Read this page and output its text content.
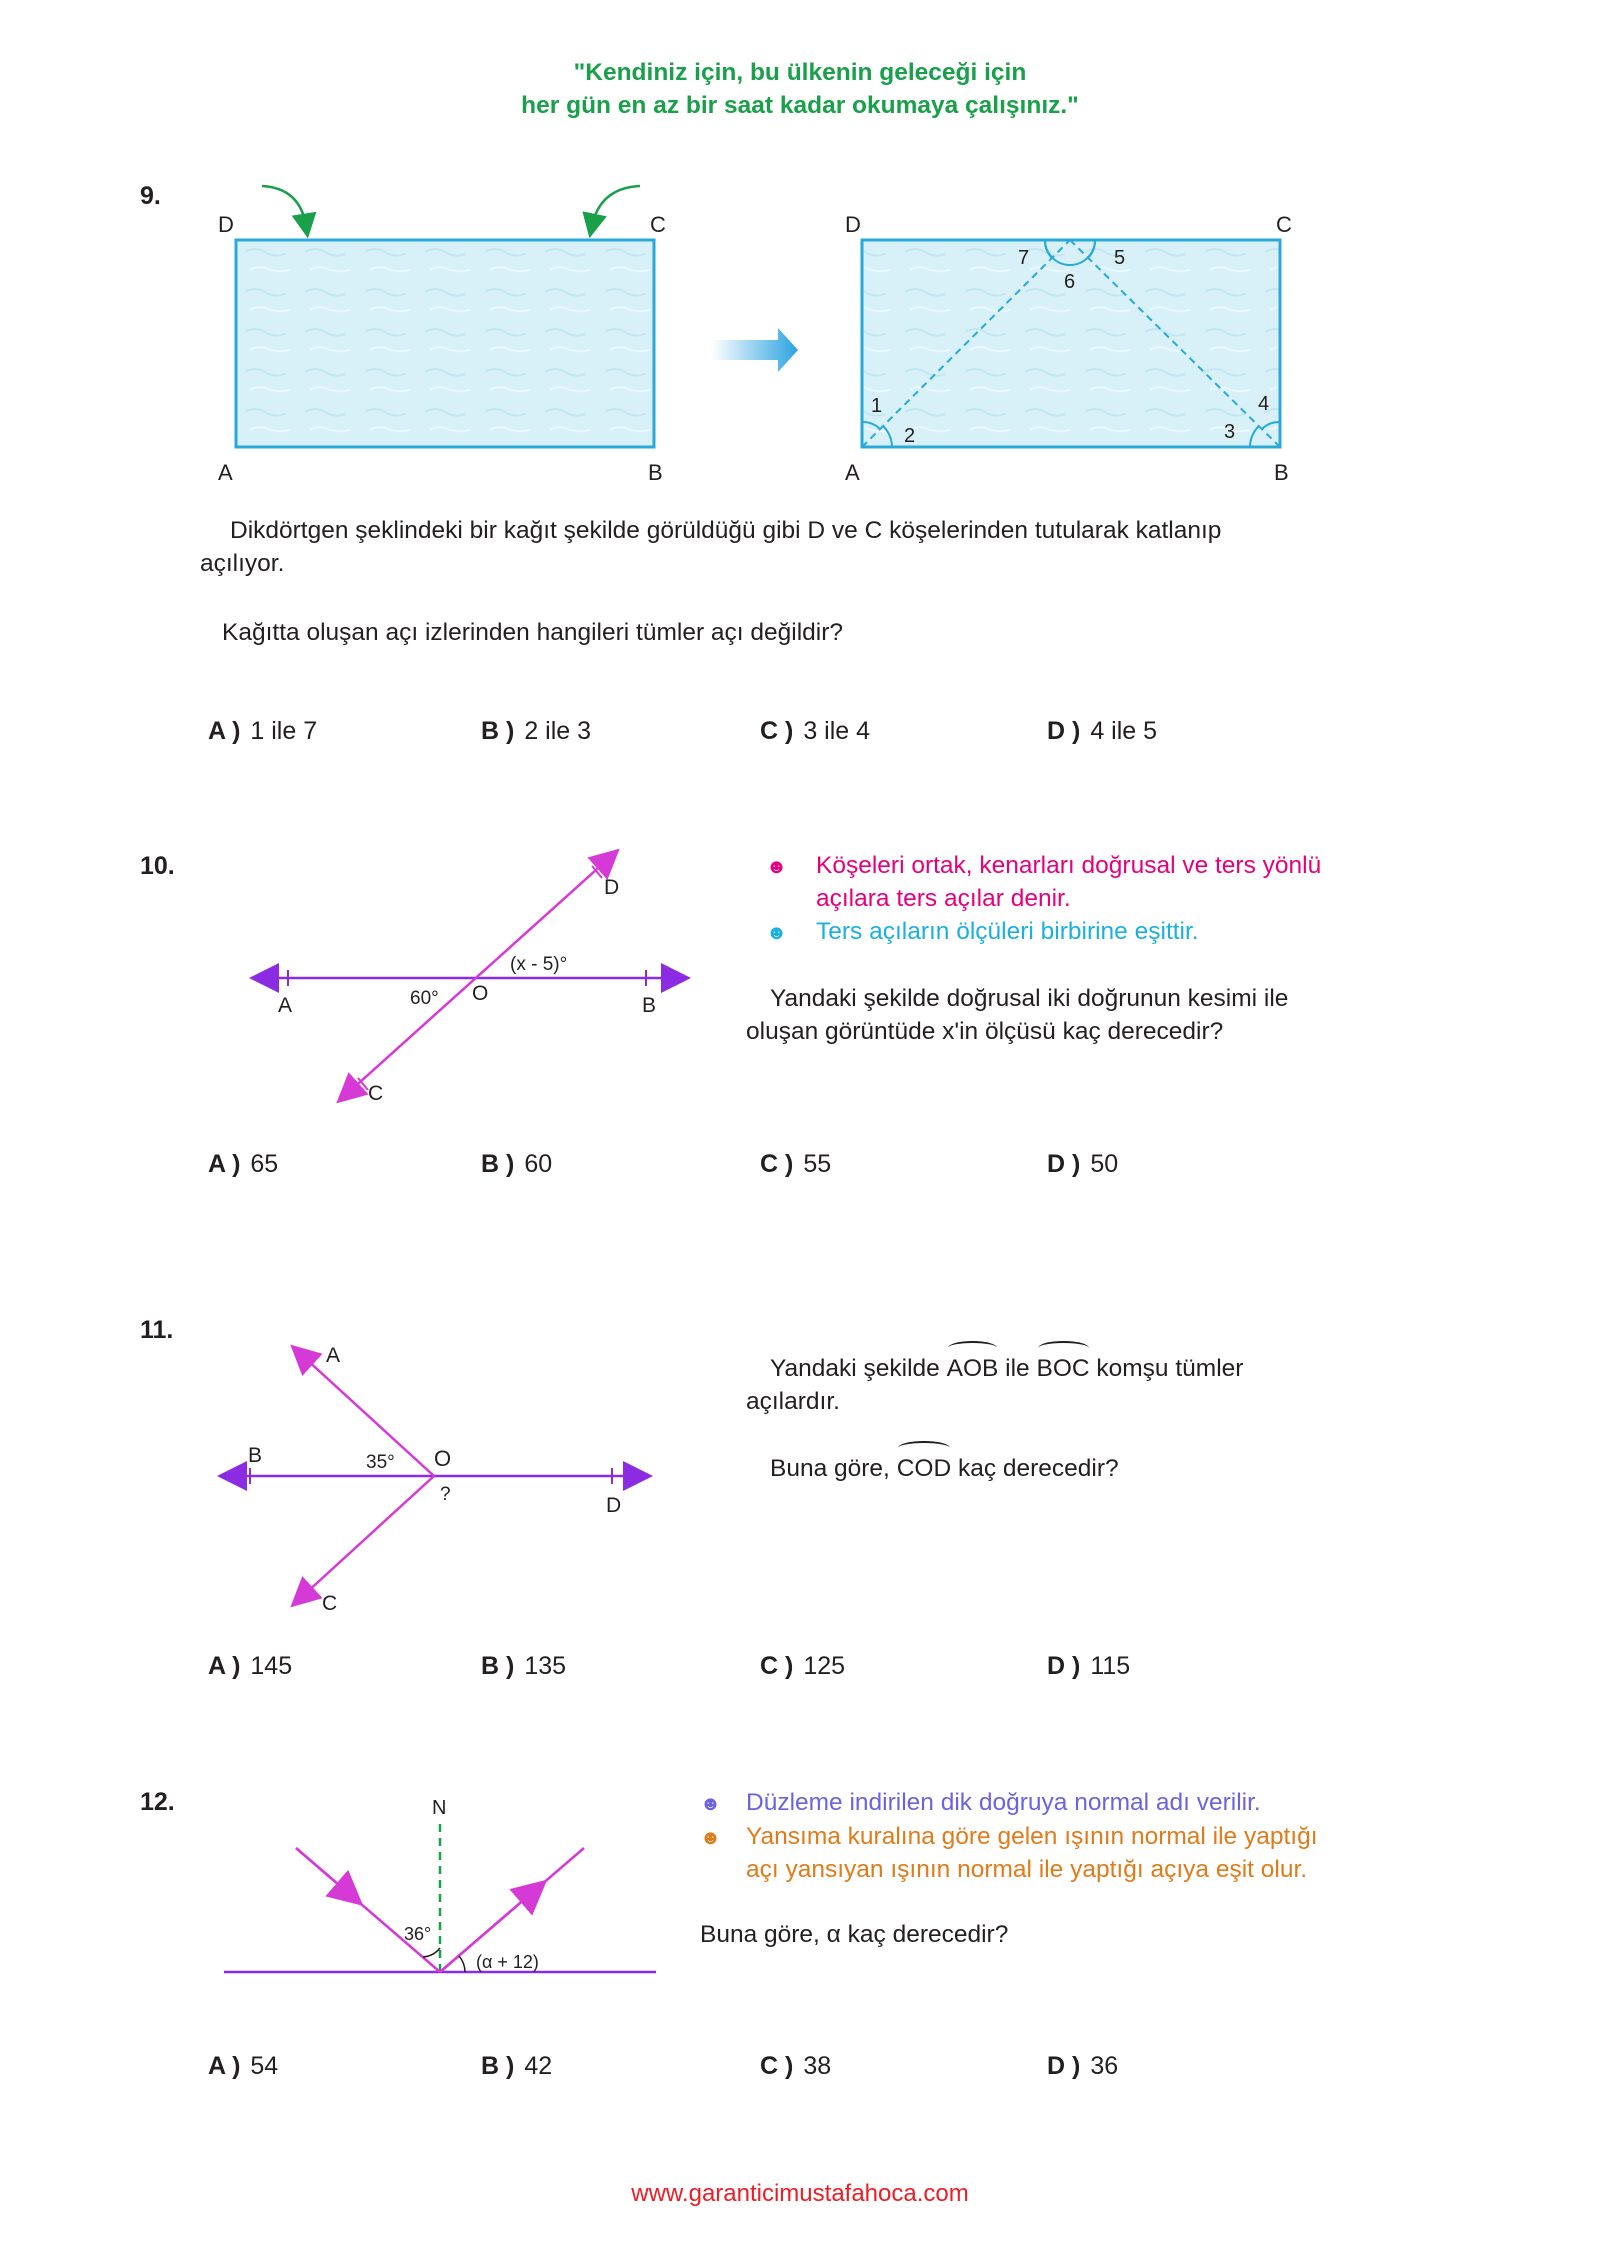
"Kendiniz için, bu ülkenin geleceği için
her gün en az bir saat kadar okumaya çalışınız."
9.
D	C
A	B
D	C
A	B
1
2	3
4
5
6
7
Dikdörtgen şeklindeki bir kağıt şekilde görüldüğü gibi D ve C köşelerinden tutularak katlanıp
açılıyor.
Kağıtta oluşan açı izlerinden hangileri tümler açı değildir?
A ) 1 ile 7	B ) 2 ile 3	C ) 3 ile 4	D ) 4 ile 5
10.
A	B
C
D
O
60°
(x - 5)°
☻ Köşeleri ortak, kenarları doğrusal ve ters yönlü
açılara ters açılar denir.
☻ Ters açıların ölçüleri birbirine eşittir.
Yandaki şekilde doğrusal iki doğrunun kesimi ile
oluşan görüntüde x'in ölçüsü kaç derecedir?
A ) 65	B ) 60	C ) 55	D ) 50
11.
A
B
C
D
O
35°
?
Yandaki şekilde AOB ile BOC komşu tümler
açılardır.
Buna göre, COD kaç derecedir?
A ) 145	B ) 135	C ) 125	D ) 115
12.	N
36°
(α + 12)
☻ Düzleme indirilen dik doğruya normal adı verilir.
☻ Yansıma kuralına göre gelen ışının normal ile yaptığı
açı yansıyan ışının normal ile yaptığı açıya eşit olur.
Buna göre, α kaç derecedir?
A ) 54	B ) 42	C ) 38	D ) 36
www.garanticimustafahoca.com
